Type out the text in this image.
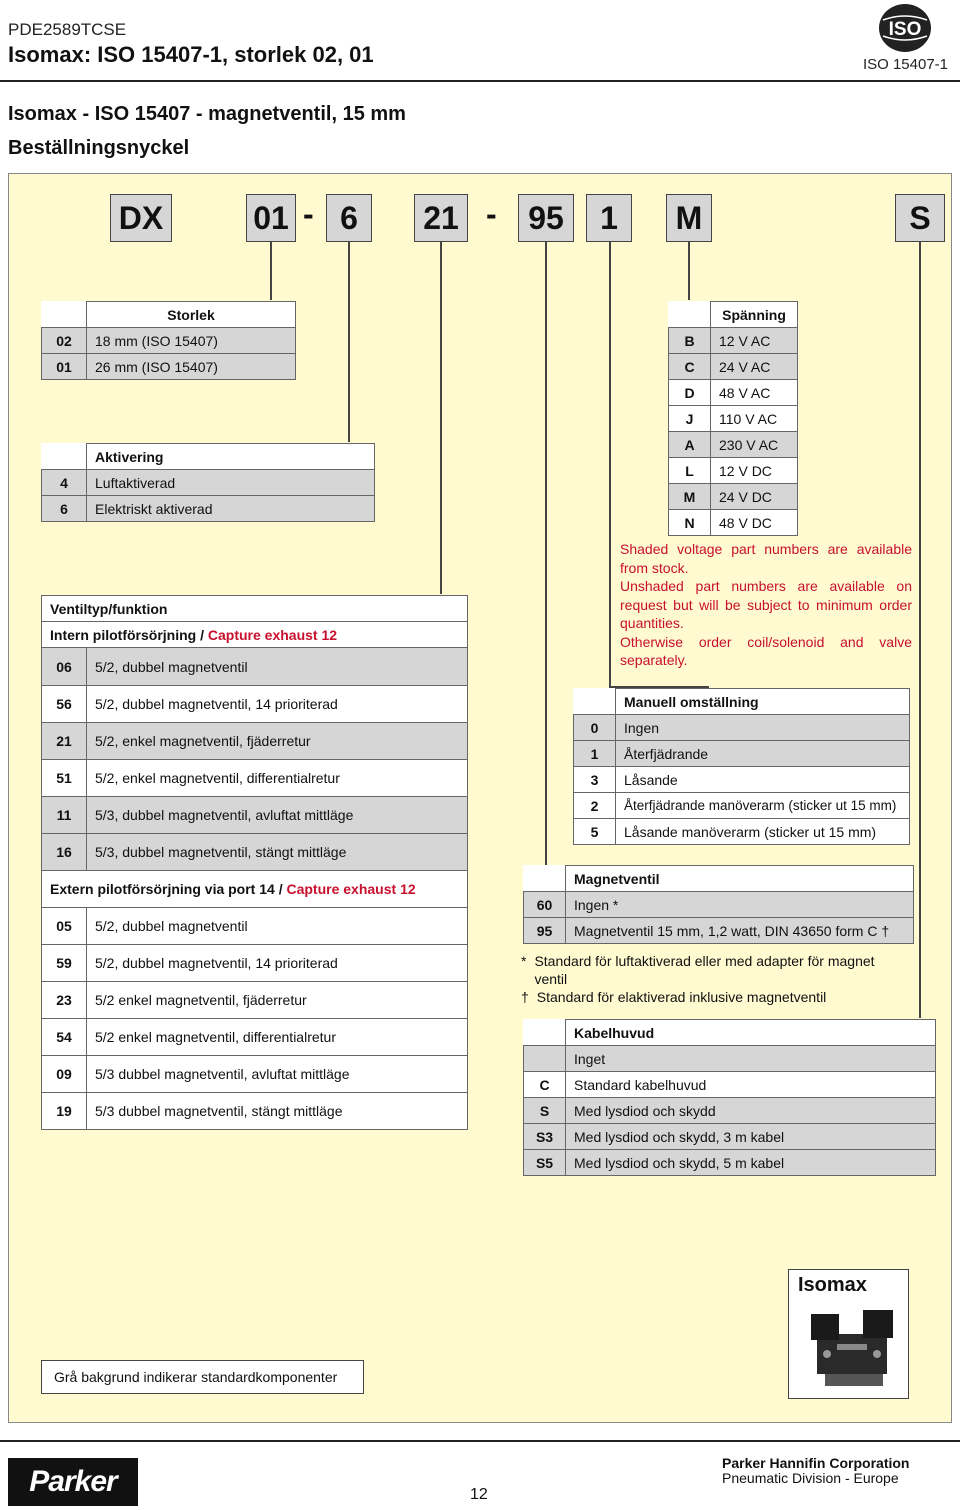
PDE2589TCSE
Isomax: ISO 15407-1, storlek 02, 01	ISO 15407-1
ISO
Isomax - ISO 15407 - magnetventil, 15 mm
Beställningsnyckel
DX	01 - 6	21 - 95	1	M	S
	Storlek
02	18 mm (ISO 15407)
01	26 mm (ISO 15407)
	Aktivering
4	Luftaktiverad
6	Elektriskt aktiverad
Ventiltyp/funktion	
Intern pilotförsörjning / Capture exhaust 12	
06	5/2, dubbel magnetventil
56	5/2, dubbel magnetventil, 14 prioriterad
21	5/2, enkel magnetventil, fjäderretur
51	5/2, enkel magnetventil, differentialretur
11	5/3, dubbel magnetventil, avluftat mittläge
16	5/3, dubbel magnetventil, stängt mittläge
Extern pilotförsörjning via port 14 / Capture exhaust 12	
05	5/2, dubbel magnetventil
59	5/2, dubbel magnetventil, 14 prioriterad
23	5/2 enkel magnetventil, fjäderretur
54	5/2 enkel magnetventil, differentialretur
09	5/3 dubbel magnetventil, avluftat mittläge
19	5/3 dubbel magnetventil, stängt mittläge
	Spänning
B	12 V AC
C	24 V AC
D	48 V AC
J	110 V AC
A	230 V AC
L	12 V DC
M	24 V DC
N	48 V DC
Shaded voltage part numbers are available from stock.
Unshaded part numbers are available on request but will be subject to minimum order quantities.
Otherwise order coil/solenoid and valve separately.
	Manuell omställning
0	Ingen
1	Återfjädrande
3	Låsande
2	Återfjädrande manöverarm (sticker ut 15 mm)
5	Låsande manöverarm (sticker ut 15 mm)
	Magnetventil
60	Ingen *
95	Magnetventil 15 mm, 1,2 watt, DIN 43650 form C †
* Standard för luftaktiverad eller med adapter för magnet ventil
† Standard för elaktiverad inklusive magnetventil
	Kabelhuvud
	Inget
C	Standard kabelhuvud
S	Med lysdiod och skydd
S3	Med lysdiod och skydd, 3 m kabel
S5	Med lysdiod och skydd, 5 m kabel
Isomax
Grå bakgrund indikerar standardkomponenter
Parker	12
Parker Hannifin Corporation
Pneumatic Division - Europe
